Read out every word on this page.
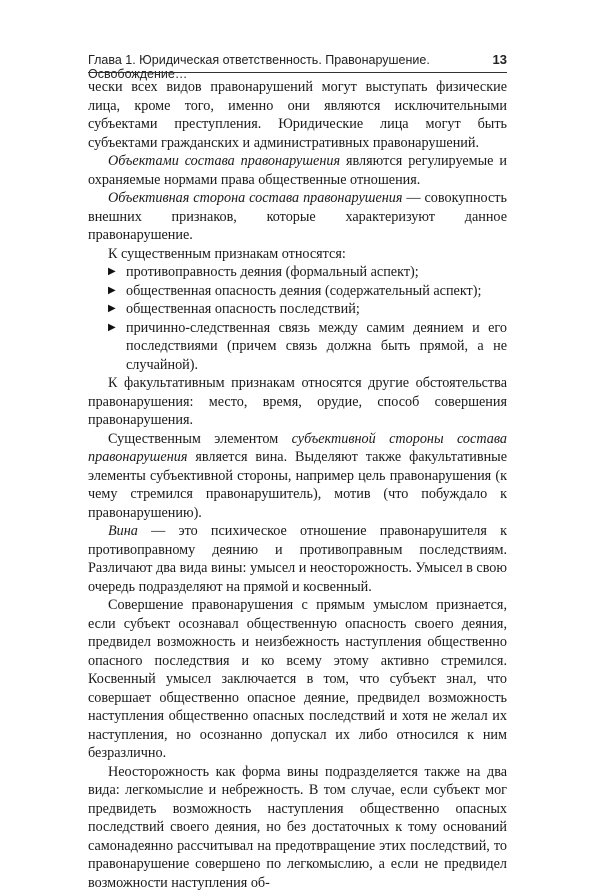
Глава 1. Юридическая ответственность. Правонарушение. Освобождение…
13

чески всех видов правонарушений могут выступать физические лица, кроме того, именно они являются исключительными субъектами преступления. Юридические лица могут быть субъектами гражданских и административных правонарушений.

Объектами состава правонарушения являются регулируемые и охраняемые нормами права общественные отношения.

Объективная сторона состава правонарушения — совокупность внешних признаков, которые характеризуют данное правонарушение.

К существенным признакам относятся:

▶ противоправность деяния (формальный аспект);
▶ общественная опасность деяния (содержательный аспект);
▶ общественная опасность последствий;
▶ причинно-следственная связь между самим деянием и его последствиями (причем связь должна быть прямой, а не случайной).

К факультативным признакам относятся другие обстоятельства правонарушения: место, время, орудие, способ совершения правонарушения.

Существенным элементом субъективной стороны состава правонарушения является вина. Выделяют также факультативные элементы субъективной стороны, например цель правонарушения (к чему стремился правонарушитель), мотив (что побуждало к правонарушению).

Вина — это психическое отношение правонарушителя к противоправному деянию и противоправным последствиям. Различают два вида вины: умысел и неосторожность. Умысел в свою очередь подразделяют на прямой и косвенный.

Совершение правонарушения с прямым умыслом признается, если субъект осознавал общественную опасность своего деяния, предвидел возможность и неизбежность наступления общественно опасного последствия и ко всему этому активно стремился. Косвенный умысел заключается в том, что субъект знал, что совершает общественно опасное деяние, предвидел возможность наступления общественно опасных последствий и хотя не желал их наступления, но осознанно допускал их либо относился к ним безразлично.

Неосторожность как форма вины подразделяется также на два вида: легкомыслие и небрежность. В том случае, если субъект мог предвидеть возможность наступления общественно опасных последствий своего деяния, но без достаточных к тому оснований самонадеянно рассчитывал на предотвращение этих последствий, то правонарушение совершено по легкомыслию, а если не предвидел возможности наступления об-
